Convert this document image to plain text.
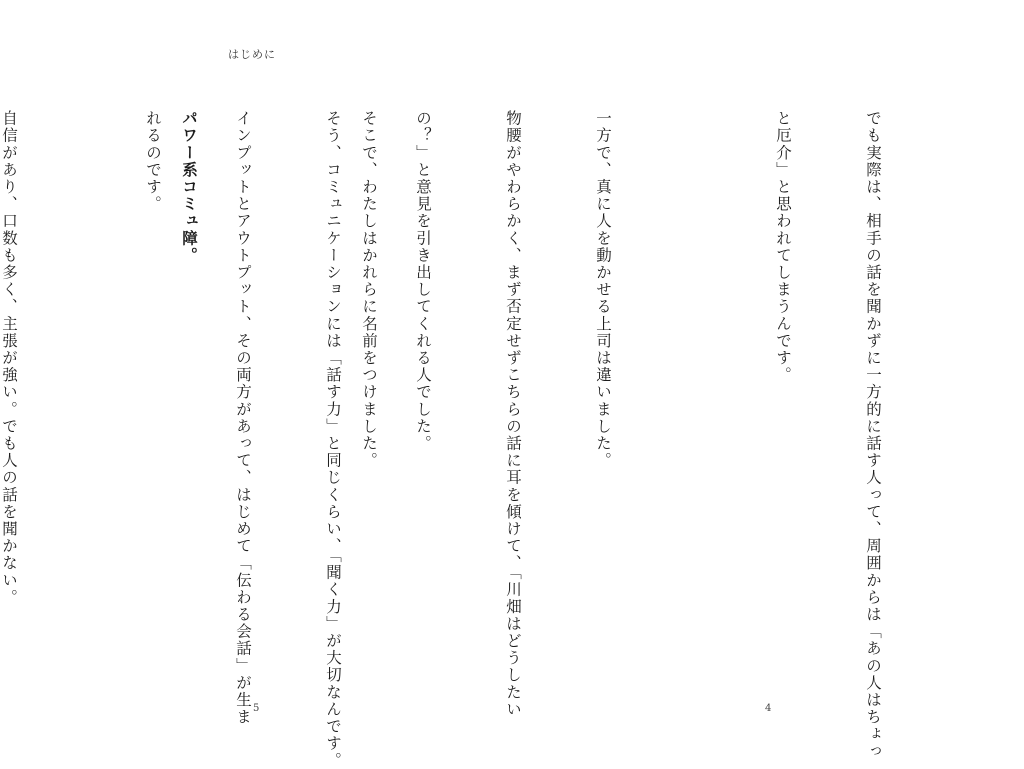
はじめに

でも実際は、相手の話を聞かずに一方的に話す人って、周囲からは「あの人はちょっ

と厄介」と思われてしまうんです。

一方で、真に人を動かせる上司は違いました。

物腰がやわらかく、まず否定せずこちらの話に耳を傾けて、「川畑はどうしたい

の？」と意見を引き出してくれる人でした。

そう、コミュニケーションには「話す力」と同じくらい、「聞く力」が大切なんです。

インプットとアウトプット、その両方があって、はじめて「伝わる会話」が生ま

れるのです。

	そこで、わたしはかれらに名前をつけました。

パワー系コミュ障。

自信があり、口数も多く、主張が強い。でも人の話を聞かない。

5	4
